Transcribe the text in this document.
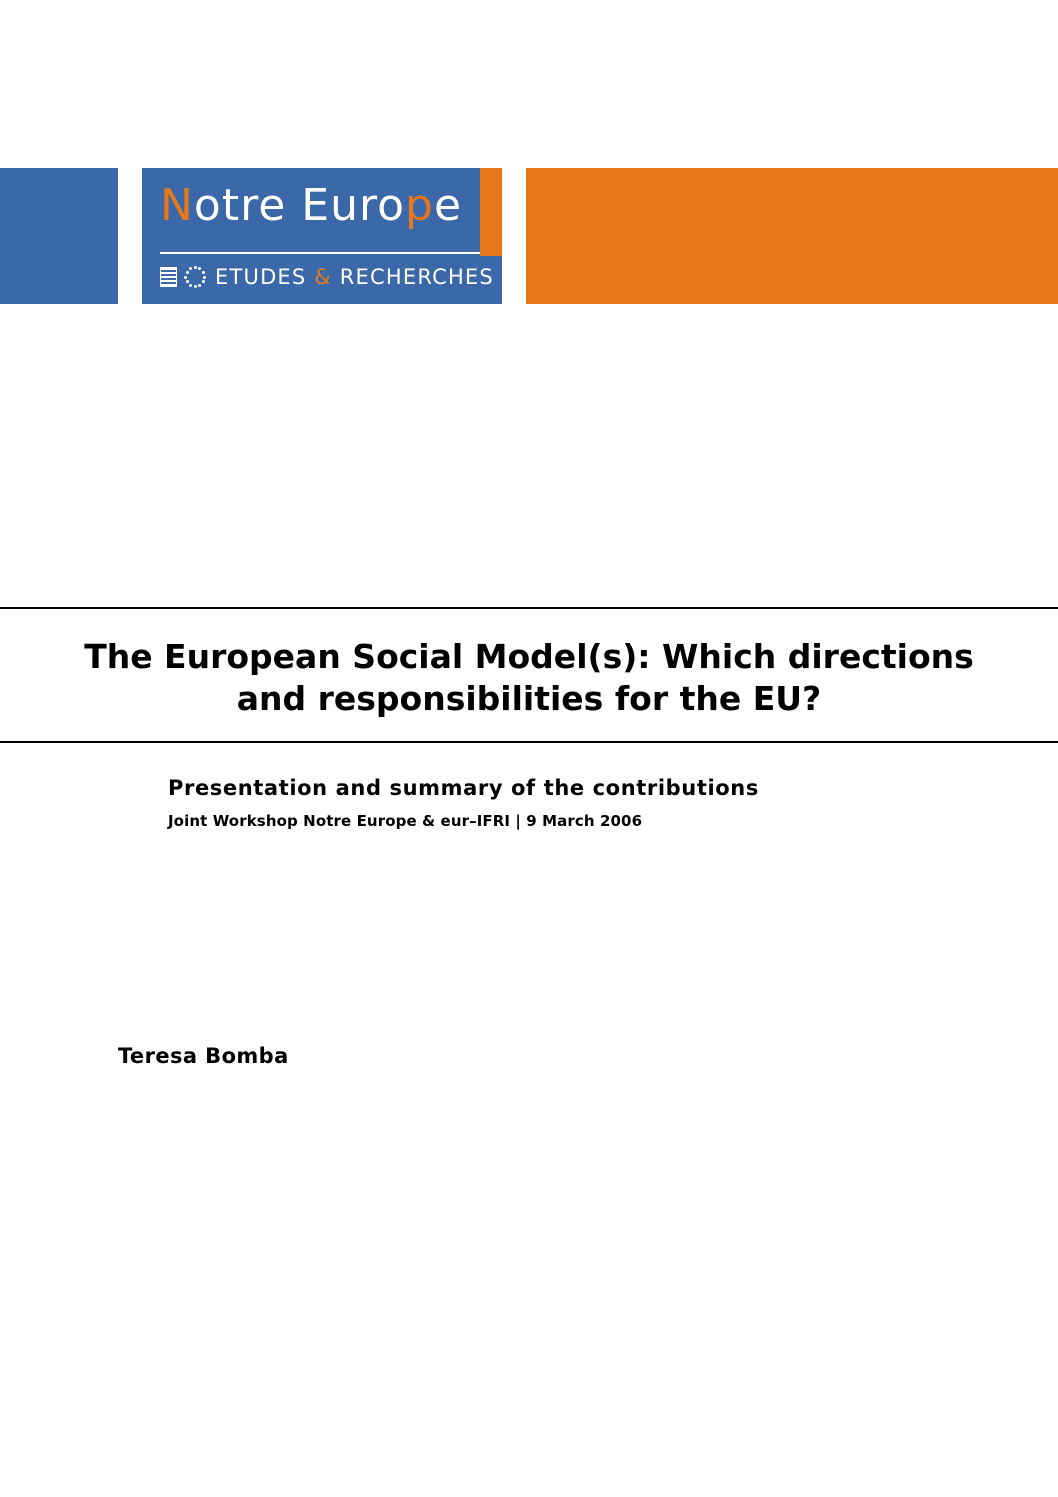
Notre Europe
ETUDES & RECHERCHES
The European Social Model(s): Which directions and responsibilities for the EU?
Presentation and summary of the contributions
Joint Workshop Notre Europe & eur–IFRI | 9 March 2006
Teresa Bomba
